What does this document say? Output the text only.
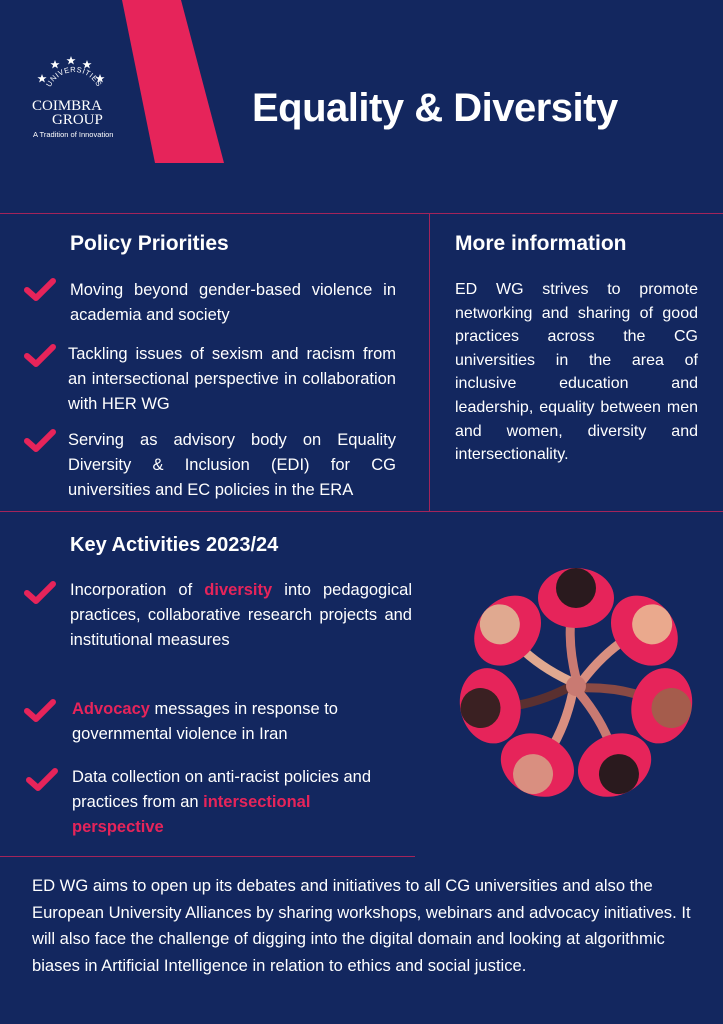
UNIVERSITIES
COIMBRA
GROUP
A Tradition of Innovation
Equality & Diversity
Policy Priorities
Moving beyond gender-based violence in academia and society
Tackling issues of sexism and racism from an intersectional perspective in collaboration with HER WG
Serving as advisory body on Equality Diversity & Inclusion (EDI) for CG universities and EC policies in the ERA
More information
ED WG strives to promote networking and sharing of good practices across the CG universities in the area of inclusive education and leadership, equality between men and women, diversity and intersectionality.
Key Activities 2023/24
Incorporation of diversity into pedagogical practices, collaborative research projects and institutional measures
Advocacy messages in response to governmental violence in Iran
Data collection on anti-racist policies and practices from an intersectional perspective

ED WG aims to open up its debates and initiatives to all CG universities and also the European University Alliances by sharing workshops, webinars and advocacy initiatives. It will also face the challenge of digging into the digital domain and looking at algorithmic biases in Artificial Intelligence in relation to ethics and social justice.
